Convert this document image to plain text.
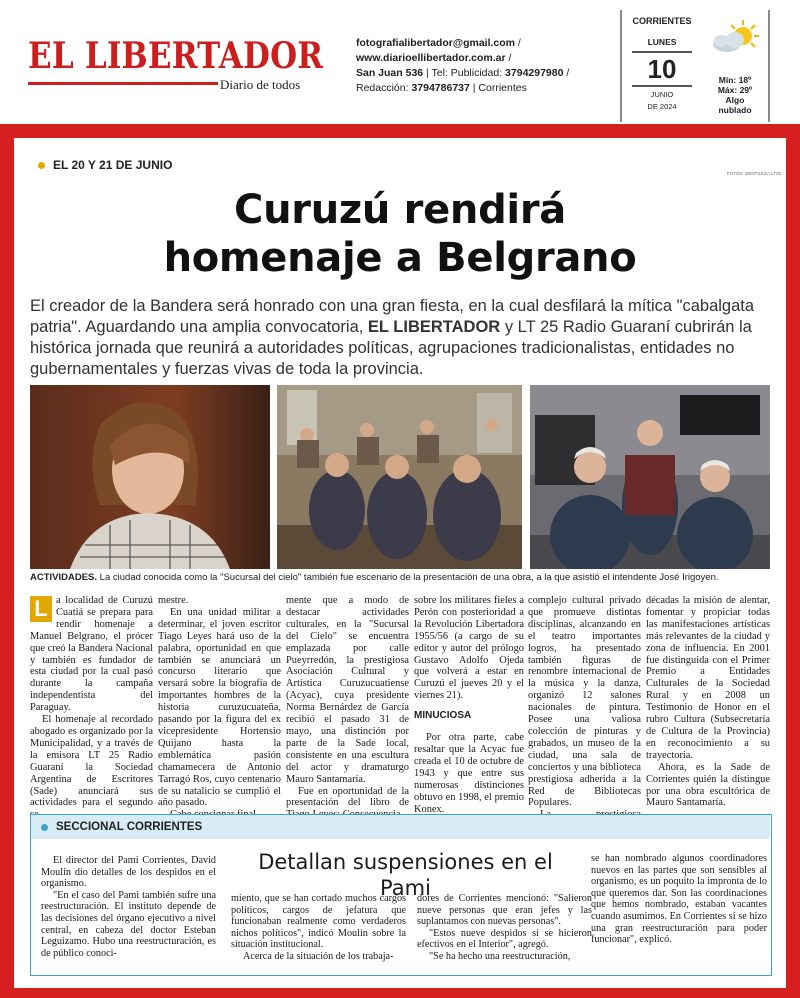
EL LIBERTADOR
Diario de todos
fotografialibertador@gmail.com /
www.diarioellibertador.com.ar /
San Juan 536 | Tel: Publicidad: 3794297980 /
Redacción: 3794786737 | Corrientes
CORRIENTES
LUNES
10
JUNIO
DE 2024
Mín: 18º
Máx: 29º
Algo
nublado
EL 20 Y 21 DE JUNIO
FOTOS: GENTILEZA LT25
Curuzú rendirá
homenaje a Belgrano
El creador de la Bandera será honrado con una gran fiesta, en la cual desfilará la mítica "cabalgata patria". Aguardando una amplia convocatoria, EL LIBERTADOR y LT 25 Radio Guaraní cubrirán la histórica jornada que reunirá a autoridades políticas, agrupaciones tradicionalistas, entidades no gubernamentales y fuerzas vivas de toda la provincia.
ACTIVIDADES. La ciudad conocida como la "Sucursal del cielo" también fue escenario de la presentación de una obra, a la que asistió el intendente José Irigoyen.

L a localidad de Curuzú Cuatiá se prepara para rendir homenaje a Manuel Belgrano, el prócer que creó la Bandera Nacional y también es fundador de esta ciudad por la cual pasó durante la campaña independentista del Paraguay.

El homenaje al recordado abogado es organizado por la Municipalidad, y a través de la emisora LT 25 Radio Guaraní la Sociedad Argentina de Escritores (Sade) anunciará sus actividades para el segundo

mestre.

En una unidad militar a determinar, el joven escritor Tiago Leyes hará uso de la palabra, oportunidad en que también se anunciará un concurso literario que versará sobre la biografía de importantes hombres de la historia curuzucuateña, pasando por la figura del ex vicepresidente Hortensio Quijano hasta la emblemática pasión chamamecera de Antonio Tarragó Ros, cuyo centenario de su natalicio se cumplió el año pasado.

mente que a modo de destacar actividades culturales, en la "Sucursal del Cielo" se encuentra emplazada por calle Pueyrredón, la prestigiosa Asociación Cultural y Artística Curuzucuatiense (Acyac), cuya presidente Norma Bernárdez de García recibió el pasado 31 de mayo, una distinción por parte de la Sade local, consistente en una escultura del actor y dramaturgo Mauro Santamaría.

Fue en oportunidad de la presentación del libro de

sobre los militares fieles a Perón con posterioridad a la Revolución Libertadora 1955/56 (a cargo de su editor y autor del prólogo Gustavo Adolfo Ojeda que volverá a estar en Curuzú el jueves 20 y el viernes 21).

MINUCIOSA

Por otra parte, cabe resaltar que la Acyac fue creada el 10 de octubre de 1943 y que entre sus numerosas distinciones obtuvo en 1998, el premio Konex.

complejo cultural privado que promueve distintas disciplinas, alcanzando en el teatro importantes logros, ha presentado también figuras de renombre internacional de la música y la danza, organizó 12 salones nacionales de pintura. Posee una valiosa colección de pinturas y grabados, un museo de la ciudad, una sala de conciertos y una biblioteca prestigiosa adherida a la Red de Bibliotecas Populares.

décadas la misión de alentar, fomentar y propiciar todas las manifestaciones artísticas más relevantes de la ciudad y zona de influencia. En 2001 fue distinguida con el Primer Premio a Entidades Culturales de la Sociedad Rural y en 2008 un Testimonio de Honor en el rubro Cultura (Subsecretaría de Cultura de la Provincia) en reconocimiento a su trayectoria.

Ahora, es la Sade de Corrientes quién la distingue por una obra escultórica de Mauro Santamaría.

SECCIONAL CORRIENTES
Detallan suspensiones en el Pami

El director del Pami Corrientes, David Moulin dio detalles de los despidos en el organismo.

"En el caso del Pami también sufre una reestructuración. El instituto depende de las decisiones del órgano ejecutivo a nivel central, en cabeza del doctor Esteban Leguizamo. Hubo una reestructuración, es de público conoci-

miento, que se han cortado muchos cargos políticos, cargos de jefatura que funcionaban realmente como verdaderos nichos políticos", indicó Moulin sobre la situación institucional.

Acerca de la situación de los trabaja-

dores de Corrientes mencionó: "Salieron nueve personas que eran jefes y las suplantamos con nuevas personas".

"Estos nueve despidos sí se hicieron efectivos en el Interior", agregó.

"Se ha hecho una reestructuración,

se han nombrado algunos coordinadores nuevos en las partes que son sensibles al organismo, es un poquito la impronta de lo que queremos dar. Son las coordinaciones que hemos nombrado, estaban vacantes cuando asumimos. En Corrientes sí se hizo una gran reestructuración para poder funcionar", explicó.
